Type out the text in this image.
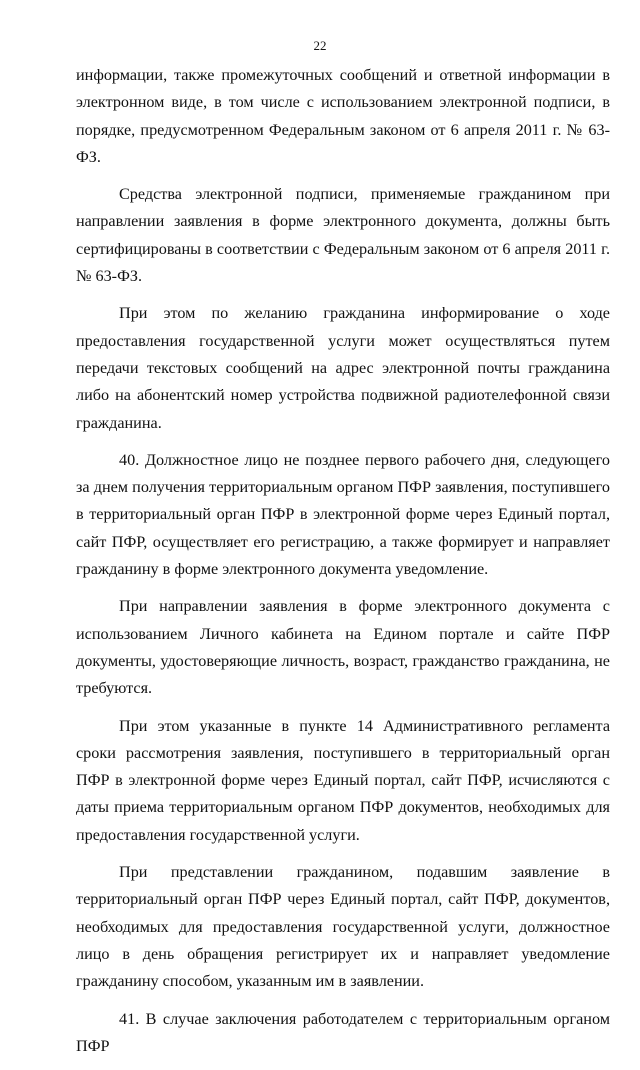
22

информации, также промежуточных сообщений и ответной информации в электронном виде, в том числе с использованием электронной подписи, в порядке, предусмотренном Федеральным законом от 6 апреля 2011 г. № 63-ФЗ.

Средства электронной подписи, применяемые гражданином при направлении заявления в форме электронного документа, должны быть сертифицированы в соответствии с Федеральным законом от 6 апреля 2011 г. № 63-ФЗ.

При этом по желанию гражданина информирование о ходе предоставления государственной услуги может осуществляться путем передачи текстовых сообщений на адрес электронной почты гражданина либо на абонентский номер устройства подвижной радиотелефонной связи гражданина.

40. Должностное лицо не позднее первого рабочего дня, следующего за днем получения территориальным органом ПФР заявления, поступившего в территориальный орган ПФР в электронной форме через Единый портал, сайт ПФР, осуществляет его регистрацию, а также формирует и направляет гражданину в форме электронного документа уведомление.

При направлении заявления в форме электронного документа с использованием Личного кабинета на Едином портале и сайте ПФР документы, удостоверяющие личность, возраст, гражданство гражданина, не требуются.

При этом указанные в пункте 14 Административного регламента сроки рассмотрения заявления, поступившего в территориальный орган ПФР в электронной форме через Единый портал, сайт ПФР, исчисляются с даты приема территориальным органом ПФР документов, необходимых для предоставления государственной услуги.

При представлении гражданином, подавшим заявление в территориальный орган ПФР через Единый портал, сайт ПФР, документов, необходимых для предоставления государственной услуги, должностное лицо в день обращения регистрирует их и направляет уведомление гражданину способом, указанным им в заявлении.

41. В случае заключения работодателем с территориальным органом ПФР
